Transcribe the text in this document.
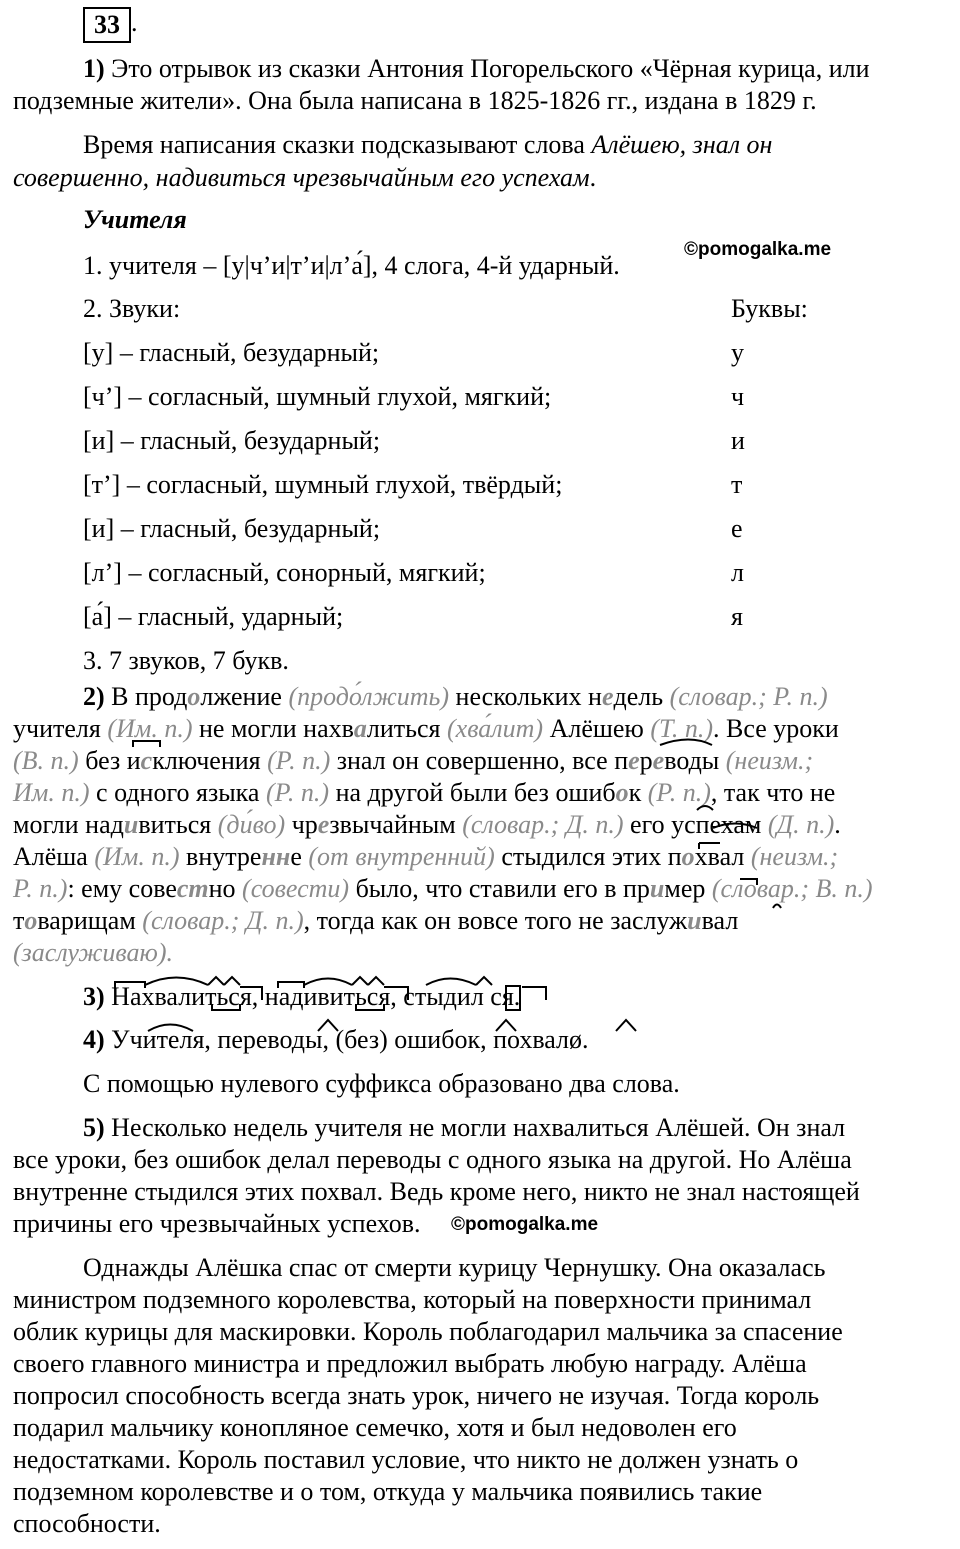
33 .
1) Это отрывок из сказки Антония Погорельского «Чёрная курица, или
подземные жители». Она была написана в 1825-1826 гг., издана в 1829 г.
Время написания сказки подсказывают слова Алёшею, знал он
совершенно, надивиться чрезвычайным его успехам.
Учителя
©pomogalka.me
1. учителя – [у|ч’и|т’и|л’а́], 4 слога, 4-й ударный.
2. Звуки:	Буквы:
[у] – гласный, безударный;	у
[ч’] – согласный, шумный глухой, мягкий;	ч
[и] – гласный, безударный;	и
[т’] – согласный, шумный глухой, твёрдый;	т
[и] – гласный, безударный;	е
[л’] – согласный, сонорный, мягкий;	л
[а́] – гласный, ударный;	я
3. 7 звуков, 7 букв.
2) В продолжение (продо́лжить) нескольких недель (словар.; Р. п.)
учителя (Им. п.) не могли нахвалиться (хва́лит) Алёшею (Т. п.). Все уроки
(В. п.) без исключения (Р. п.) знал он совершенно, все переводы (неизм.;
Им. п.) с одного языка (Р. п.) на другой были без ошибок (Р. п.), так что не
могли надивиться (ди́во) чрезвычайным (словар.; Д. п.) его успехам (Д. п.).
Алёша (Им. п.) внутренне (от внутренний) стыдился этих похвал (неизм.;
Р. п.): ему совестно (совести) было, что ставили его в пример (словар.; В. п.)
товарищам (словар.; Д. п.), тогда как он вовсе того не заслуживал
(заслуживаю).
3) Нахвалиться, надивиться, стыдил ся.
4) Учителя, переводы, (без) ошибок, похвалø.
С помощью нулевого суффикса образовано два слова.
5) Несколько недель учителя не могли нахвалиться Алёшей. Он знал
все уроки, без ошибок делал переводы с одного языка на другой. Но Алёша
внутренне стыдился этих похвал. Ведь кроме него, никто не знал настоящей
причины его чрезвычайных успехов. ©pomogalka.me
Однажды Алёшка спас от смерти курицу Чернушку. Она оказалась
министром подземного королевства, который на поверхности принимал
облик курицы для маскировки. Король поблагодарил мальчика за спасение
своего главного министра и предложил выбрать любую награду. Алёша
попросил способность всегда знать урок, ничего не изучая. Тогда король
подарил мальчику конопляное семечко, хотя и был недоволен его
недостатками. Король поставил условие, что никто не должен узнать о
подземном королевстве и о том, откуда у мальчика появились такие
способности.
